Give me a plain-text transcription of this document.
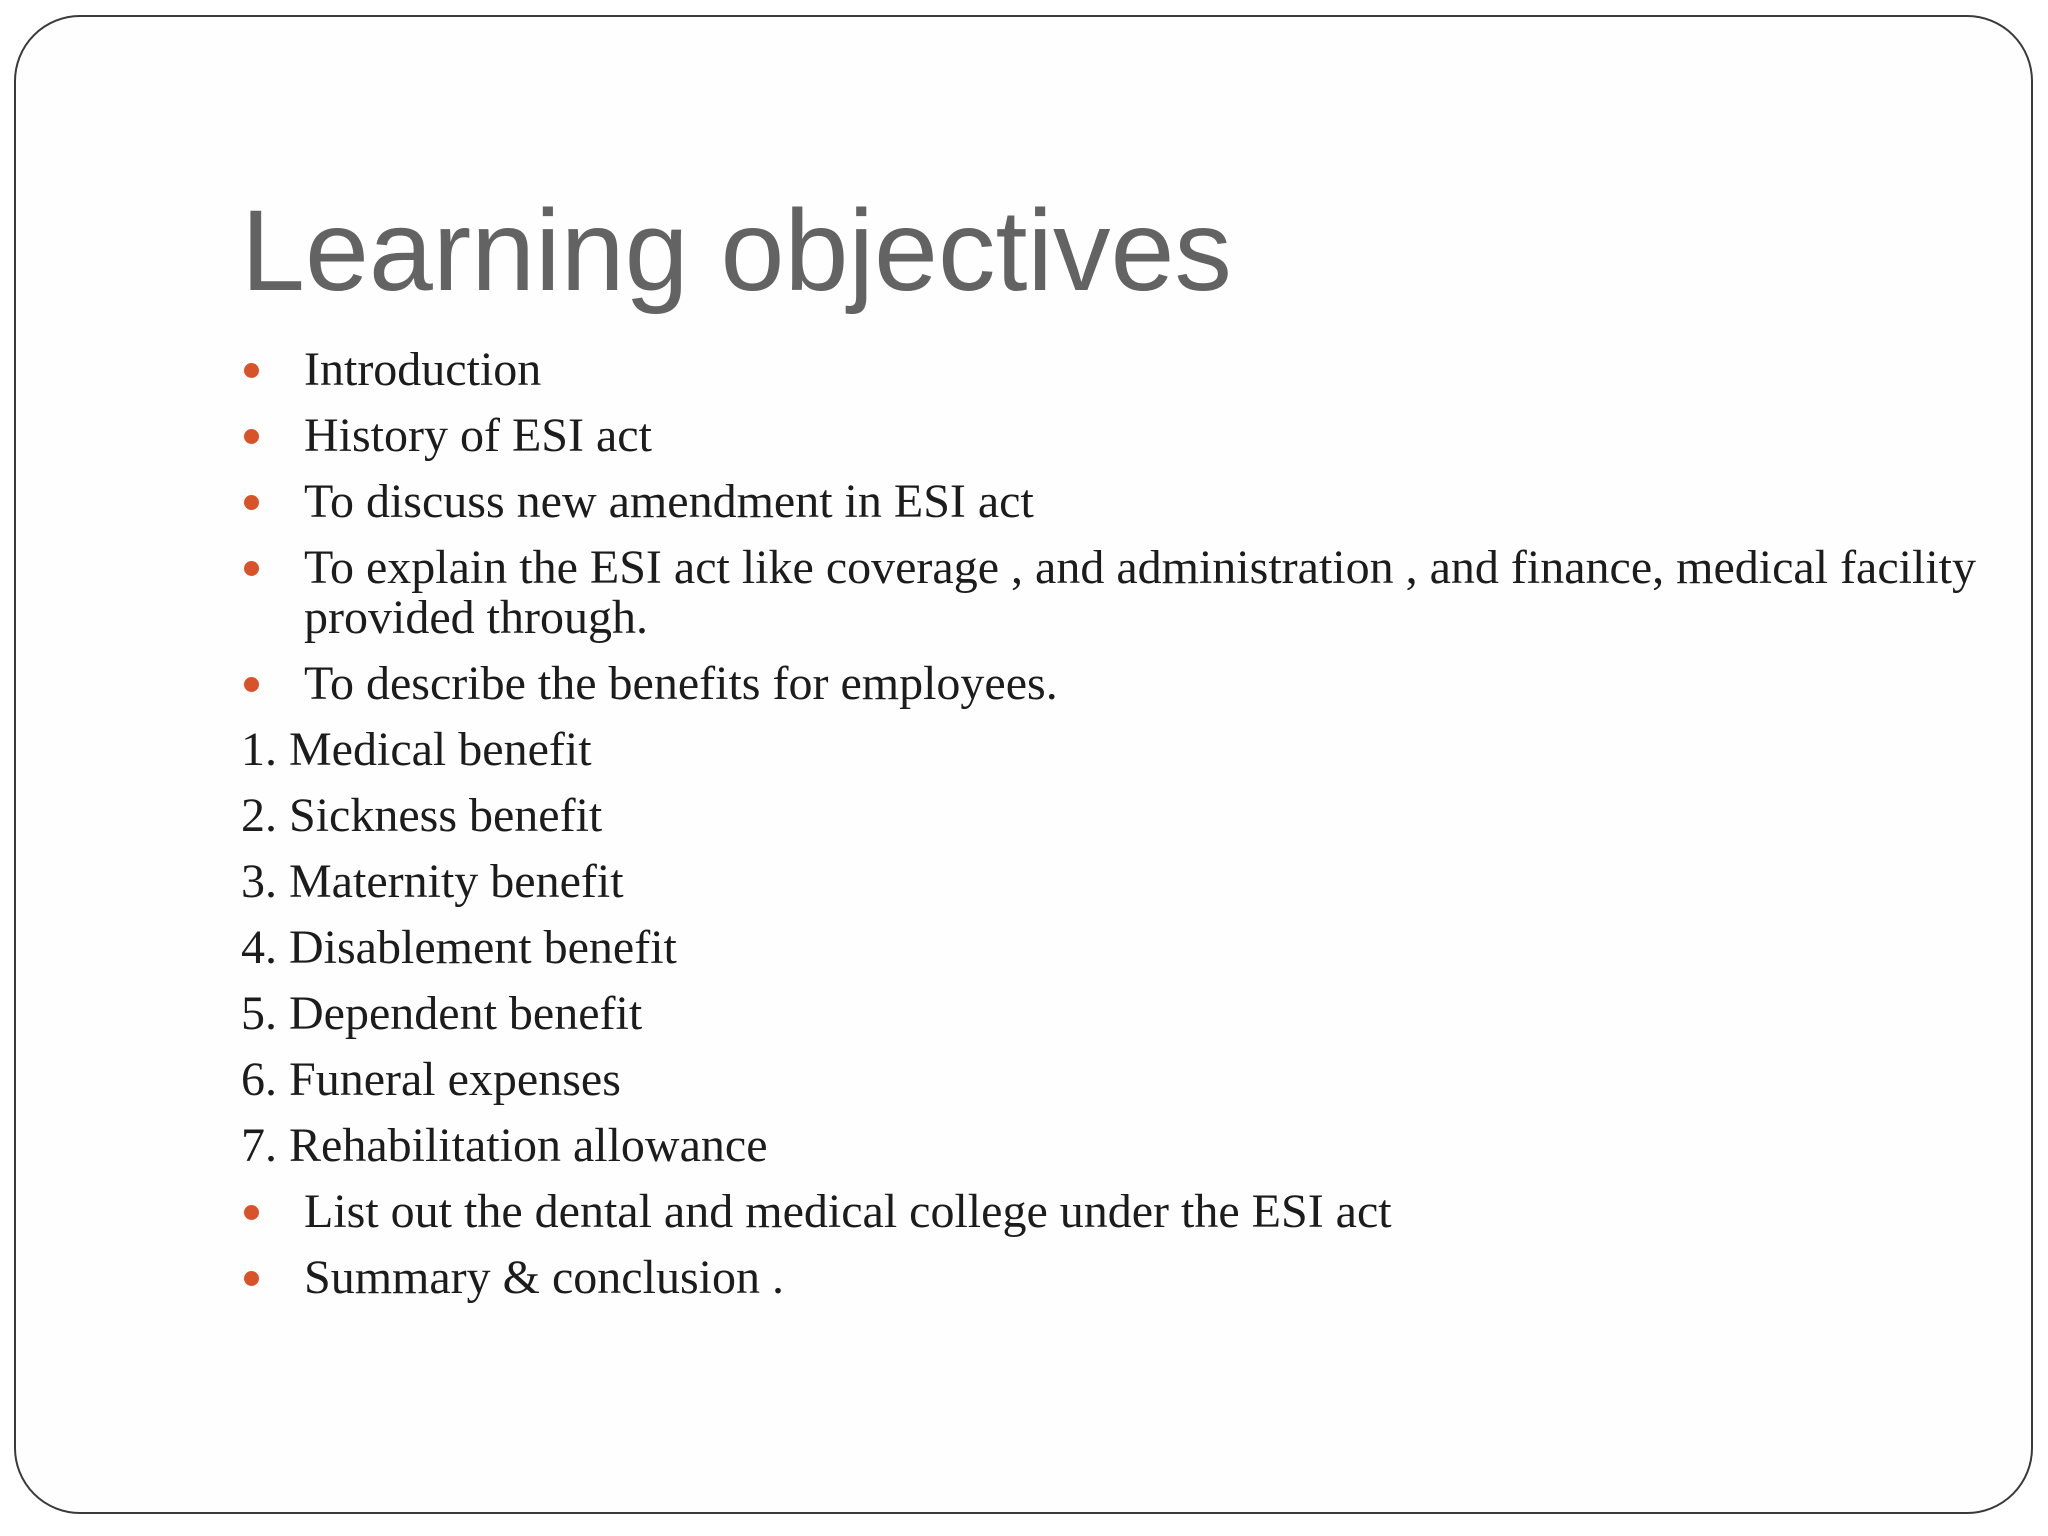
Learning objectives
Introduction
History of ESI act
To discuss new amendment in ESI act
To explain the ESI act like coverage , and administration , and finance, medical facility provided through.
To describe the benefits for employees.
1. Medical benefit
2. Sickness benefit
3. Maternity benefit
4. Disablement benefit
5. Dependent benefit
6. Funeral expenses
7. Rehabilitation allowance
List out the dental and medical college under the ESI act
Summary & conclusion .
